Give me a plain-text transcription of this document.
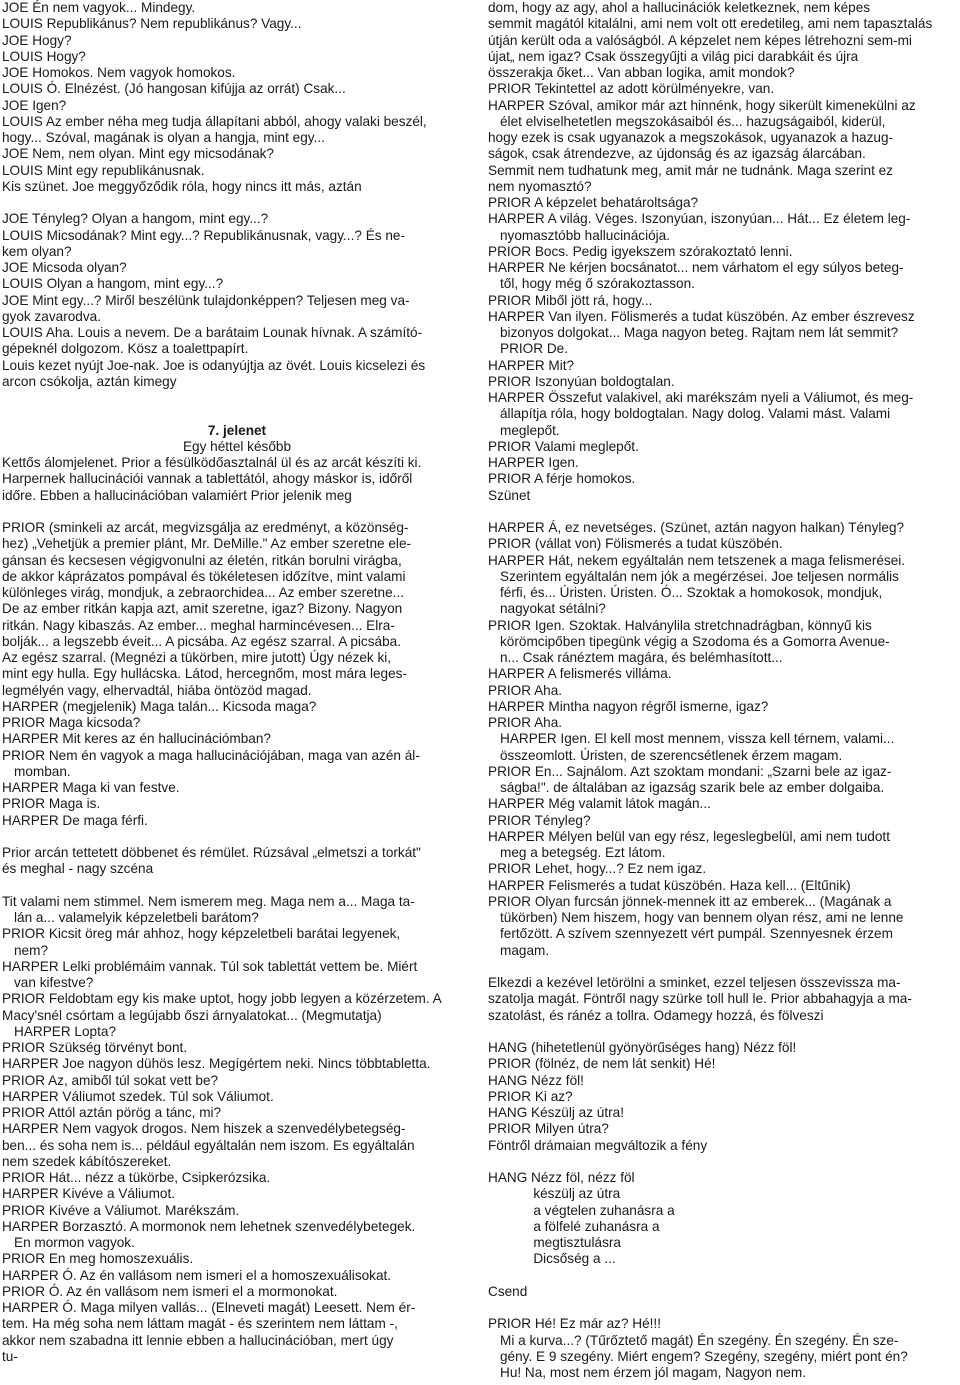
JOE Én nem vagyok... Mindegy.
LOUIS Republikánus? Nem republikánus? Vagy...
JOE Hogy?
LOUIS Hogy?
JOE Homokos. Nem vagyok homokos.
LOUIS Ó. Elnézést. (Jó hangosan kifújja az orrát) Csak...
JOE Igen?
LOUIS Az ember néha meg tudja állapítani abból, ahogy valaki beszél,
hogy... Szóval, magának is olyan a hangja, mint egy...
JOE Nem, nem olyan. Mint egy micsodának?
LOUIS Mint egy republikánusnak.
Kis szünet. Joe meggyőződik róla, hogy nincs itt más, aztán
JOE Tényleg? Olyan a hangom, mint egy...?
LOUIS Micsodának? Mint egy...? Republikánusnak, vagy...? És ne-
kem olyan?
JOE Micsoda olyan?
LOUIS Olyan a hangom, mint egy...?
JOE Mint egy...? Miről beszélünk tulajdonképpen? Teljesen meg va-
gyok zavarodva.
LOUIS Aha. Louis a nevem. De a barátaim Lounak hívnak. A számító-
gépeknél dolgozom. Kösz a toalettpapírt.
Louis kezet nyújt Joe-nak. Joe is odanyújtja az övét. Louis kicselezi és
arcon csókolja, aztán kimegy
7. jelenet
Egy héttel később
Kettős álomjelenet. Prior a fésülködőasztalnál ül és az arcát készíti ki.
Harpernek hallucinációi vannak a tablettától, ahogy máskor is, időről
időre. Ebben a hallucinációban valamiért Prior jelenik meg
PRIOR (sminkeli az arcát, megvizsgálja az eredményt, a közönség-
hez) „Vehetjük a premier plánt, Mr. DeMille." Az ember szeretne ele-
gánsan és kecsesen végigvonulni az életén, ritkán borulni virágba,
de akkor káprázatos pompával és tökéletesen időzítve, mint valami
különleges virág, mondjuk, a zebraorchidea... Az ember szeretne...
De az ember ritkán kapja azt, amit szeretne, igaz? Bizony. Nagyon
ritkán. Nagy kibaszás. Az ember... meghal harmincévesen... Elra-
bolják... a legszebb éveit... A picsába. Az egész szarral. A picsába.
Az egész szarral. (Megnézi a tükörben, mire jutott) Úgy nézek ki,
mint egy hulla. Egy hullácska. Látod, hercegnőm, most mára leges-
legmélyén vagy, elhervadtál, hiába öntözöd magad.
HARPER (megjelenik) Maga talán... Kicsoda maga?
PRIOR Maga kicsoda?
HARPER Mit keres az én hallucinációmban?
PRIOR Nem én vagyok a maga hallucinációjában, maga van azén ál-
momban.
HARPER Maga ki van festve.
PRIOR Maga is.
HARPER De maga férfi.
Prior arcán tettetett döbbenet és rémület. Rúzsával „elmetszi a torkát"
és meghal - nagy szcéna
Tit valami nem stimmel. Nem ismerem meg. Maga nem a... Maga ta-
lán a... valamelyik képzeletbeli barátom?
PRIOR Kicsit öreg már ahhoz, hogy képzeletbeli barátai legyenek,
nem?
HARPER Lelki problémáim vannak. Túl sok tablettát vettem be. Miért
van kifestve?
PRIOR Feldobtam egy kis make uptot, hogy jobb legyen a közérzetem. A
Macy'snél csórtam a legújabb őszi árnyalatokat... (Megmutatja)
HARPER Lopta?
PRIOR Szükség törvényt bont.
HARPER Joe nagyon dühös lesz. Megígértem neki. Nincs többtabletta.
PRIOR Az, amiből túl sokat vett be?
HARPER Váliumot szedek. Túl sok Váliumot.
PRIOR Attól aztán pörög a tánc, mi?
HARPER Nem vagyok drogos. Nem hiszek a szenvedélybetegség-
ben... és soha nem is... például egyáltalán nem iszom. Es egyáltalán
nem szedek kábítószereket.
PRIOR Hát... nézz a tükörbe, Csipkerózsika.
HARPER Kivéve a Váliumot.
PRIOR Kivéve a Váliumot. Marékszám.
HARPER Borzasztó. A mormonok nem lehetnek szenvedélybetegek.
En mormon vagyok.
PRIOR En meg homoszexuális.
HARPER Ó. Az én vallásom nem ismeri el a homoszexuálisokat.
PRIOR Ó. Az én vallásom nem ismeri el a mormonokat.
HARPER Ó. Maga milyen vallás... (Elneveti magát) Leesett. Nem ér-
tem. Ha még soha nem láttam magát - és szerintem nem láttam -,
akkor nem szabadna itt lennie ebben a hallucinációban, mert úgy
tu-
dom, hogy az agy, ahol a hallucinációk keletkeznek, nem képes
semmit magától kitalálni, ami nem volt ott eredetileg, ami nem tapasztalás
útján került oda a valóságból. A képzelet nem képes létrehozni sem-mi
újat„ nem igaz? Csak összegyűjti a világ pici darabkáit és újra
összerakja őket... Van abban logika, amit mondok?
PRIOR Tekintettel az adott körülményekre, van.
HARPER Szóval, amikor már azt hinnénk, hogy sikerült kimenekülni az
élet elviselhetetlen megszokásaiból és... hazugságaiból, kiderül,
hogy ezek is csak ugyanazok a megszokások, ugyanazok a hazug-
ságok, csak átrendezve, az újdonság és az igazság álarcában.
Semmit nem tudhatunk meg, amit már ne tudnánk. Maga szerint ez
nem nyomasztó?
PRIOR A képzelet behatároltsága?
HARPER A világ. Véges. Iszonyúan, iszonyúan... Hát... Ez életem leg-
nyomasztóbb hallucinációja.
PRIOR Bocs. Pedig igyekszem szórakoztató lenni.
HARPER Ne kérjen bocsánatot... nem várhatom el egy súlyos beteg-
től, hogy még ő szórakoztasson.
PRIOR Miből jött rá, hogy...
HARPER Van ilyen. Fölismerés a tudat küszöbén. Az ember észrevesz
bizonyos dolgokat... Maga nagyon beteg. Rajtam nem lát semmit?
PRIOR De.
HARPER Mit?
PRIOR Iszonyúan boldogtalan.
HARPER Összefut valakivel, aki marékszám nyeli a Váliumot, és meg-
állapítja róla, hogy boldogtalan. Nagy dolog. Valami mást. Valami
meglepőt.
PRIOR Valami meglepőt.
HARPER Igen.
PRIOR A férje homokos.
Szünet
HARPER Á, ez nevetséges. (Szünet, aztán nagyon halkan) Tényleg?
PRIOR (vállat von) Fölismerés a tudat küszöbén.
HARPER Hát, nekem egyáltalán nem tetszenek a maga felismerései.
Szerintem egyáltalán nem jók a megérzései. Joe teljesen normális
férfi, és... Úristen. Úristen. Ó... Szoktak a homokosok, mondjuk,
nagyokat sétálni?
PRIOR Igen. Szoktak. Halványlila stretchnadrágban, könnyű kis
körömcipőben tipegünk végig a Szodoma és a Gomorra Avenue-
n... Csak ránéztem magára, és belémhasított...
HARPER A felismerés villáma.
PRIOR Aha.
HARPER Mintha nagyon régről ismerne, igaz?
PRIOR Aha.
HARPER Igen. El kell most mennem, vissza kell térnem, valami...
összeomlott. Úristen, de szerencsétlenek érzem magam.
PRIOR En... Sajnálom. Azt szoktam mondani: „Szarni bele az igaz-
ságba!". de általában az igazság szarik bele az ember dolgaiba.
HARPER Még valamit látok magán...
PRIOR Tényleg?
HARPER Mélyen belül van egy rész, legeslegbelül, ami nem tudott
meg a betegség. Ezt látom.
PRIOR Lehet, hogy...? Ez nem igaz.
HARPER Felismerés a tudat küszöbén. Haza kell... (Eltűnik)
PRIOR Olyan furcsán jönnek-mennek itt az emberek... (Magának a
tükörben) Nem hiszem, hogy van bennem olyan rész, ami ne lenne
fertőzött. A szívem szennyezett vért pumpál. Szennyesnek érzem
magam.
Elkezdi a kezével letörölni a sminket, ezzel teljesen összevissza ma-
szatolja magát. Föntről nagy szürke toll hull le. Prior abbahagyja a ma-
szatolást, és ránéz a tollra. Odamegy hozzá, és fölveszi
HANG (hihetetlenül gyönyörűséges hang) Nézz föl!
PRIOR (fölnéz, de nem lát senkit) Hé!
HANG Nézz föl!
PRIOR Ki az?
HANG Készülj az útra!
PRIOR Milyen útra?
Föntről drámaian megváltozik a fény
HANG Nézz föl, nézz föl
készülj az útra
a végtelen zuhanásra a
a fölfelé zuhanásra a
megtisztulásra
Dicsőség a ...
Csend
PRIOR Hé! Ez már az? Hé!!!
Mi a kurva...? (Tűrőztető magát) Én szegény. Én szegény. Én sze-
gény. E 9 szegény. Miért engem? Szegény, szegény, miért pont én?
Hu! Na, most nem érzem jól magam, Nagyon nem.
